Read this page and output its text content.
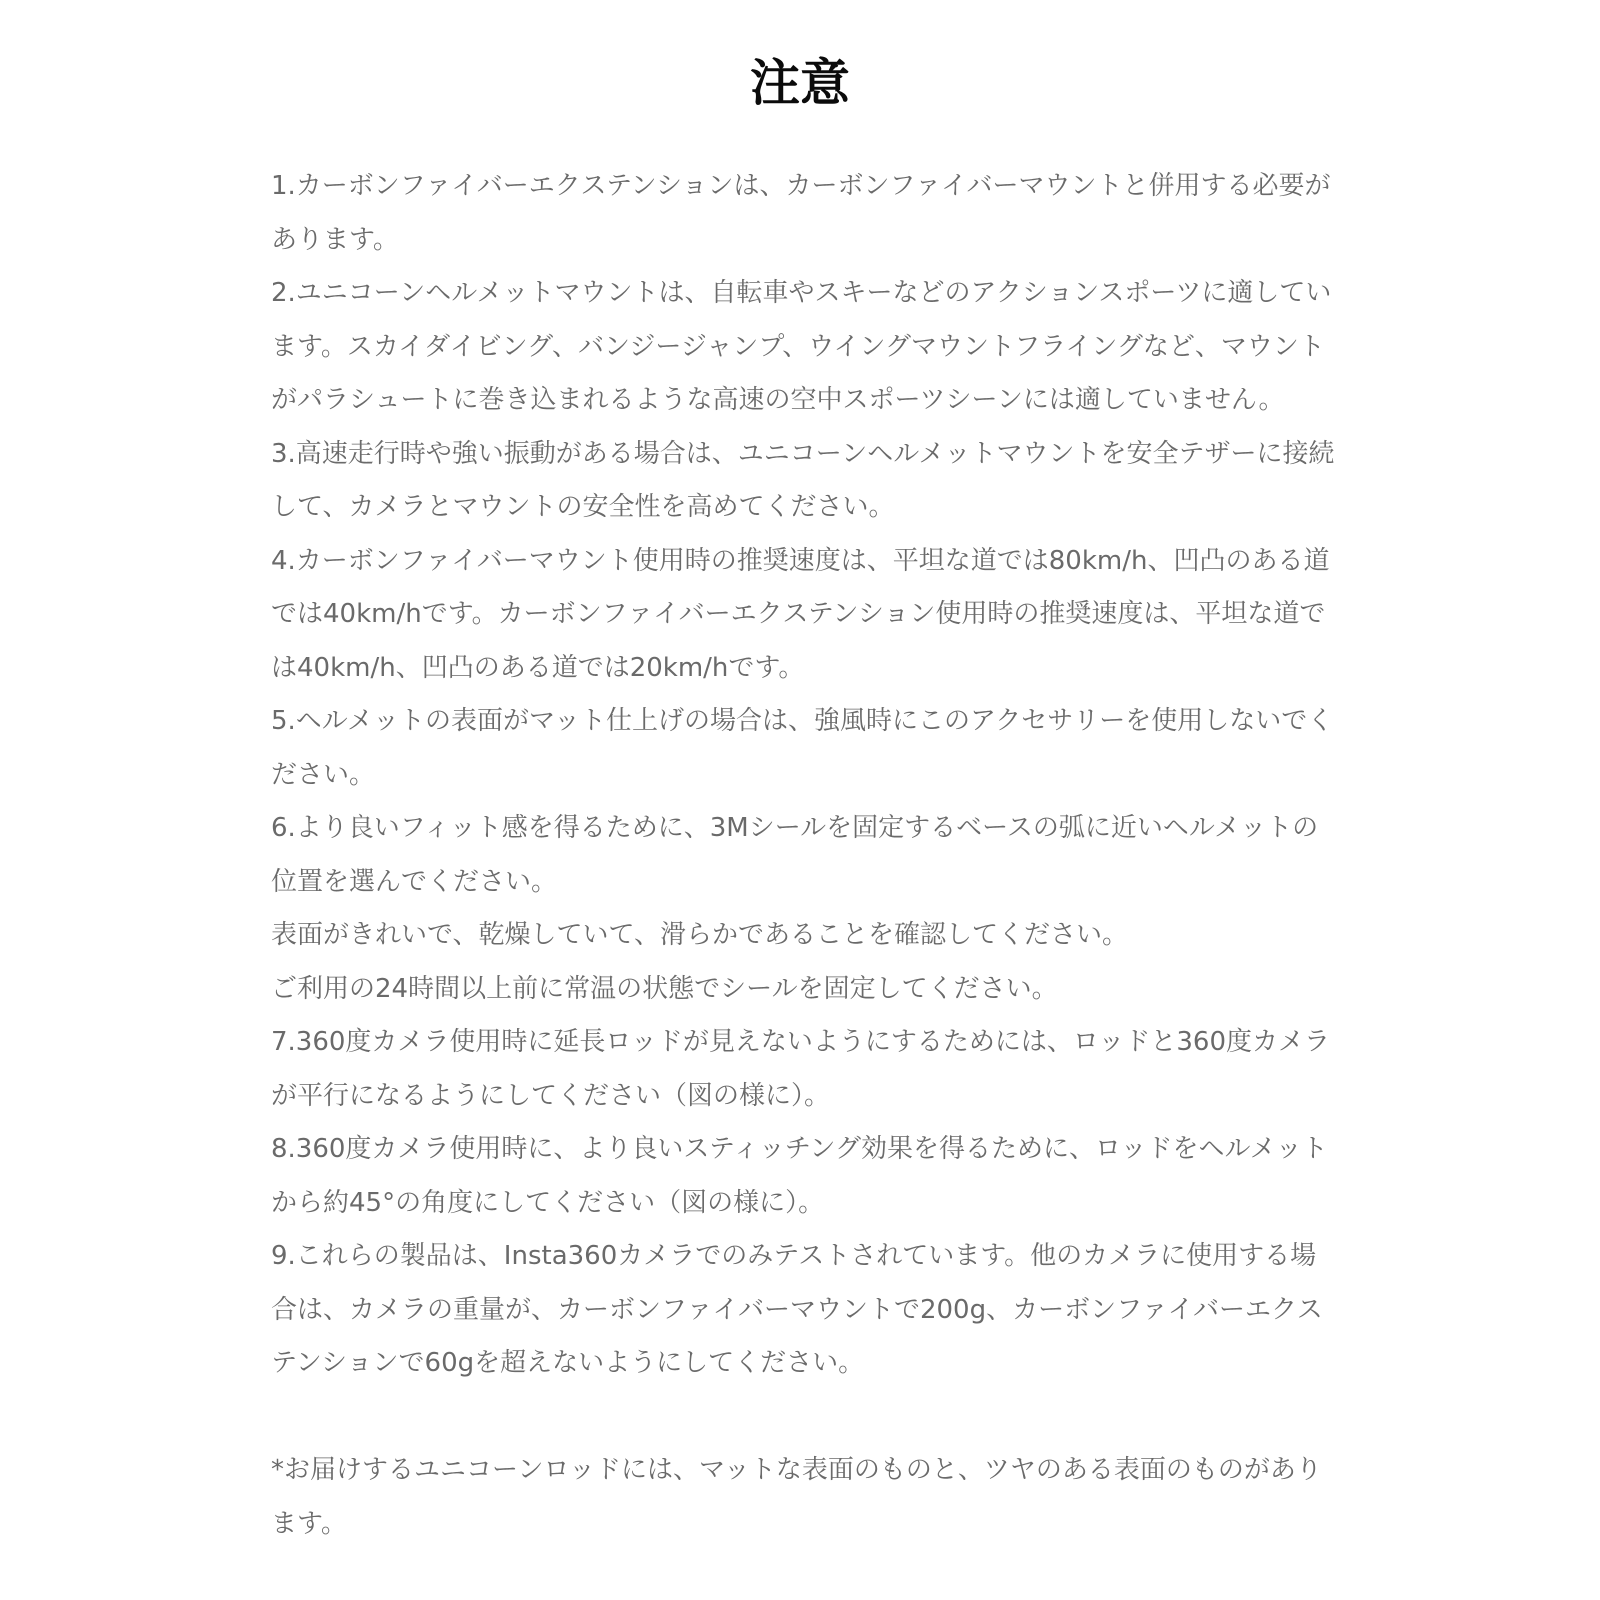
注意

1.カーボンファイバーエクステンションは、カーボンファイバーマウントと併用する必要があります。

2.ユニコーンヘルメットマウントは、自転車やスキーなどのアクションスポーツに適しています。スカイダイビング、バンジージャンプ、ウイングマウントフライングなど、マウントがパラシュートに巻き込まれるような高速の空中スポーツシーンには適していません。

3.高速走行時や強い振動がある場合は、ユニコーンヘルメットマウントを安全テザーに接続して、カメラとマウントの安全性を高めてください。

4.カーボンファイバーマウント使用時の推奨速度は、平坦な道では80km/h、凹凸のある道では40km/hです。カーボンファイバーエクステンション使用時の推奨速度は、平坦な道では40km/h、凹凸のある道では20km/hです。

5.ヘルメットの表面がマット仕上げの場合は、強風時にこのアクセサリーを使用しないでください。

6.より良いフィット感を得るために、3Mシールを固定するベースの弧に近いヘルメットの位置を選んでください。

表面がきれいで、乾燥していて、滑らかであることを確認してください。

ご利用の24時間以上前に常温の状態でシールを固定してください。

7.360度カメラ使用時に延長ロッドが見えないようにするためには、ロッドと360度カメラが平行になるようにしてください（図の様に）。

8.360度カメラ使用時に、より良いスティッチング効果を得るために、ロッドをヘルメットから約45°の角度にしてください（図の様に）。

9.これらの製品は、Insta360カメラでのみテストされています。他のカメラに使用する場合は、カメラの重量が、カーボンファイバーマウントで200g、カーボンファイバーエクステンションで60gを超えないようにしてください。

*お届けするユニコーンロッドには、マットな表面のものと、ツヤのある表面のものがあります。
